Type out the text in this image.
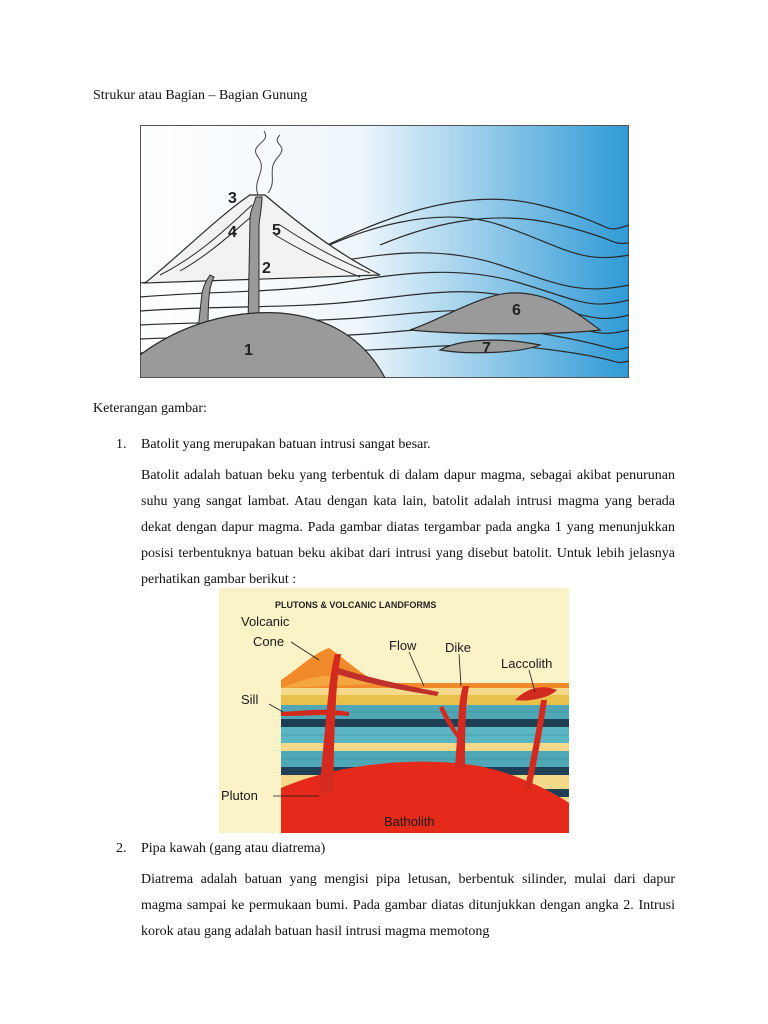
Strukur atau Bagian – Bagian Gunung
1
2
3
4 5
6
7
Keterangan gambar:
1. Batolit yang merupakan batuan intrusi sangat besar.
Batolit adalah batuan beku yang terbentuk di dalam dapur magma, sebagai akibat penurunan suhu yang sangat lambat. Atau dengan kata lain, batolit adalah intrusi magma yang berada dekat dengan dapur magma. Pada gambar diatas tergambar pada angka 1 yang menunjukkan posisi terbentuknya batuan beku akibat dari intrusi yang disebut batolit. Untuk lebih jelasnya perhatikan gambar berikut :
PLUTONS & VOLCANIC LANDFORMS
Volcanic
Cone	Flow Dike
Laccolith
Sill
Pluton
Batholith
2. Pipa kawah (gang atau diatrema)
Diatrema adalah batuan yang mengisi pipa letusan, berbentuk silinder, mulai dari dapur magma sampai ke permukaan bumi. Pada gambar diatas ditunjukkan dengan angka 2. Intrusi korok atau gang adalah batuan hasil intrusi magma memotong
